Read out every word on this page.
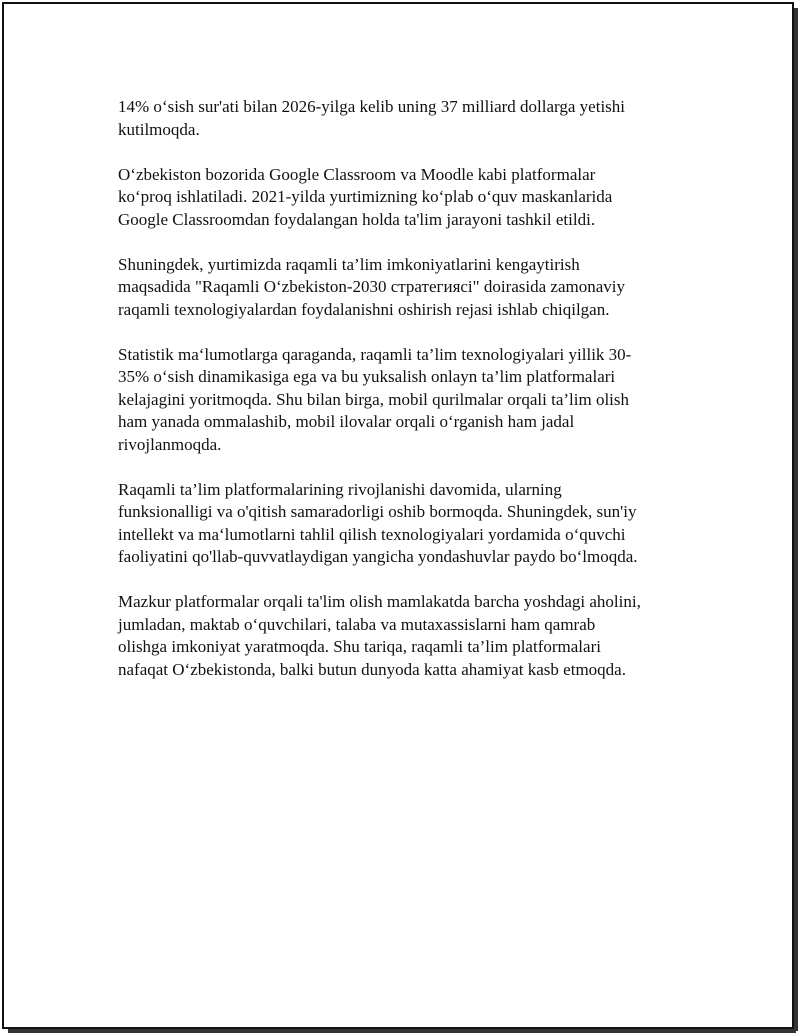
14% o‘sish sur'ati bilan 2026-yilga kelib uning 37 milliard dollarga yetishi
kutilmoqda.

O‘zbekiston bozorida Google Classroom va Moodle kabi platformalar
ko‘proq ishlatiladi. 2021-yilda yurtimizning ko‘plab o‘quv maskanlarida
Google Classroomdan foydalangan holda ta'lim jarayoni tashkil etildi.

Shuningdek, yurtimizda raqamli ta’lim imkoniyatlarini kengaytirish
maqsadida "Raqamli O‘zbekiston-2030 стратегиясi" doirasida zamonaviy
raqamli texnologiyalardan foydalanishni oshirish rejasi ishlab chiqilgan.

Statistik ma‘lumotlarga qaraganda, raqamli ta’lim texnologiyalari yillik 30-
35% o‘sish dinamikasiga ega va bu yuksalish onlayn ta’lim platformalari
kelajagini yoritmoqda. Shu bilan birga, mobil qurilmalar orqali ta’lim olish
ham yanada ommalashib, mobil ilovalar orqali o‘rganish ham jadal
rivojlanmoqda.

Raqamli ta’lim platformalarining rivojlanishi davomida, ularning
funksionalligi va o'qitish samaradorligi oshib bormoqda. Shuningdek, sun'iy
intellekt va ma‘lumotlarni tahlil qilish texnologiyalari yordamida o‘quvchi
faoliyatini qo'llab-quvvatlaydigan yangicha yondashuvlar paydo bo‘lmoqda.

Mazkur platformalar orqali ta'lim olish mamlakatda barcha yoshdagi aholini,
jumladan, maktab o‘quvchilari, talaba va mutaxassislarni ham qamrab
olishga imkoniyat yaratmoqda. Shu tariqa, raqamli ta’lim platformalari
nafaqat O‘zbekistonda, balki butun dunyoda katta ahamiyat kasb etmoqda.
